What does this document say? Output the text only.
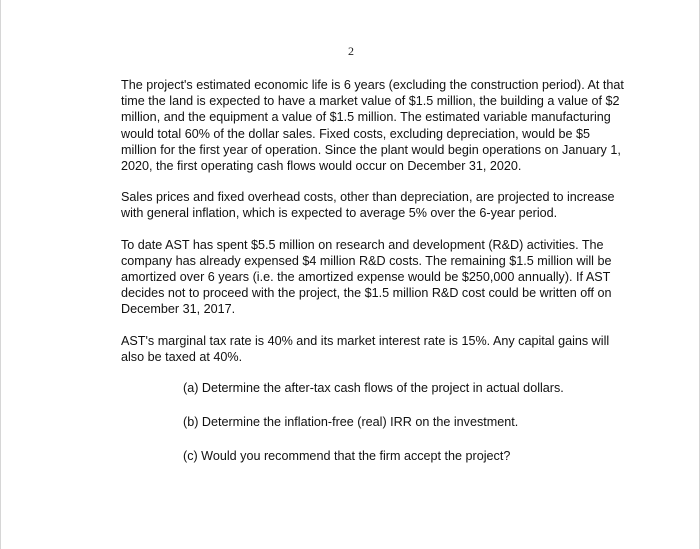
2

The project's estimated economic life is 6 years (excluding the construction period). At that time the land is expected to have a market value of $1.5 million, the building a value of $2 million, and the equipment a value of $1.5 million. The estimated variable manufacturing would total 60% of the dollar sales. Fixed costs, excluding depreciation, would be $5 million for the first year of operation. Since the plant would begin operations on January 1, 2020, the first operating cash flows would occur on December 31, 2020.

Sales prices and fixed overhead costs, other than depreciation, are projected to increase with general inflation, which is expected to average 5% over the 6-year period.

To date AST has spent $5.5 million on research and development (R&D) activities. The company has already expensed $4 million R&D costs. The remaining $1.5 million will be amortized over 6 years (i.e. the amortized expense would be $250,000 annually). If AST decides not to proceed with the project, the $1.5 million R&D cost could be written off on December 31, 2017.

AST's marginal tax rate is 40% and its market interest rate is 15%. Any capital gains will also be taxed at 40%.

(a) Determine the after-tax cash flows of the project in actual dollars.

(b) Determine the inflation-free (real) IRR on the investment.

(c) Would you recommend that the firm accept the project?
